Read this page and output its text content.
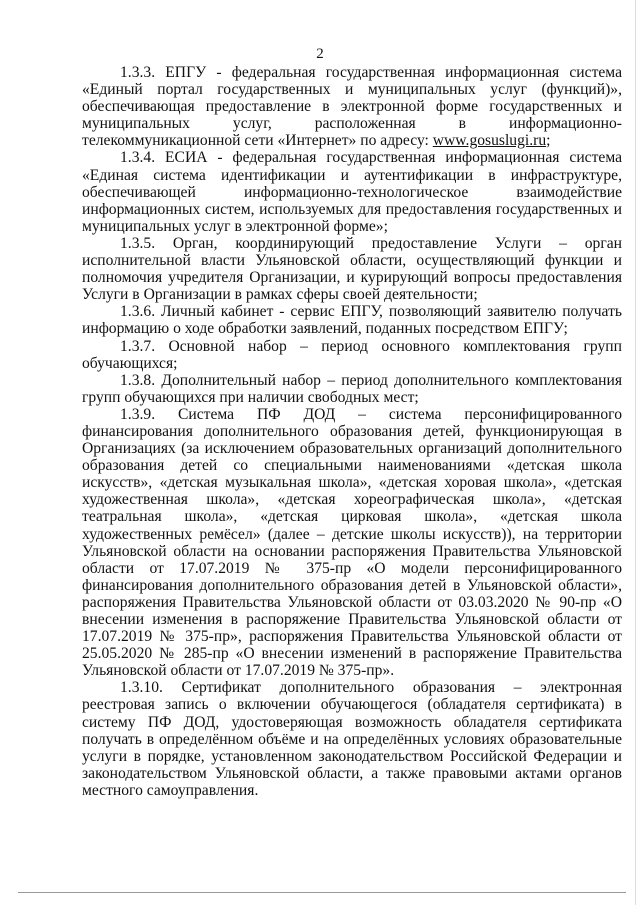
2

1.3.3. ЕПГУ - федеральная государственная информационная система «Единый портал государственных и муниципальных услуг (функций)», обеспечивающая предоставление в электронной форме государственных и муниципальных услуг, расположенная в информационно-телекоммуникационной сети «Интернет» по адресу: www.gosuslugi.ru;

1.3.4. ЕСИА - федеральная государственная информационная система «Единая система идентификации и аутентификации в инфраструктуре, обеспечивающей информационно-технологическое взаимодействие информационных систем, используемых для предоставления государственных и муниципальных услуг в электронной форме»;

1.3.5. Орган, координирующий предоставление Услуги – орган исполнительной власти Ульяновской области, осуществляющий функции и полномочия учредителя Организации, и курирующий вопросы предоставления Услуги в Организации в рамках сферы своей деятельности;

1.3.6. Личный кабинет - сервис ЕПГУ, позволяющий заявителю получать информацию о ходе обработки заявлений, поданных посредством ЕПГУ;

1.3.7. Основной набор – период основного комплектования групп обучающихся;

1.3.8. Дополнительный набор – период дополнительного комплектования групп обучающихся при наличии свободных мест;

1.3.9. Система ПФ ДОД – система персонифицированного финансирования дополнительного образования детей, функционирующая в Организациях (за исключением образовательных организаций дополнительного образования детей со специальными наименованиями «детская школа искусств», «детская музыкальная школа», «детская хоровая школа», «детская художественная школа», «детская хореографическая школа», «детская театральная школа», «детская цирковая школа», «детская школа художественных ремёсел» (далее – детские школы искусств)), на территории Ульяновской области на основании распоряжения Правительства Ульяновской области от 17.07.2019 № 375-пр «О модели персонифицированного финансирования дополнительного образования детей в Ульяновской области», распоряжения Правительства Ульяновской области от 03.03.2020 № 90-пр «О внесении изменения в распоряжение Правительства Ульяновской области от 17.07.2019 № 375-пр», распоряжения Правительства Ульяновской области от 25.05.2020 № 285-пр «О внесении изменений в распоряжение Правительства Ульяновской области от 17.07.2019 № 375-пр».

1.3.10. Сертификат дополнительного образования – электронная реестровая запись о включении обучающегося (обладателя сертификата) в систему ПФ ДОД, удостоверяющая возможность обладателя сертификата получать в определённом объёме и на определённых условиях образовательные услуги в порядке, установленном законодательством Российской Федерации и законодательством Ульяновской области, а также правовыми актами органов местного самоуправления.
